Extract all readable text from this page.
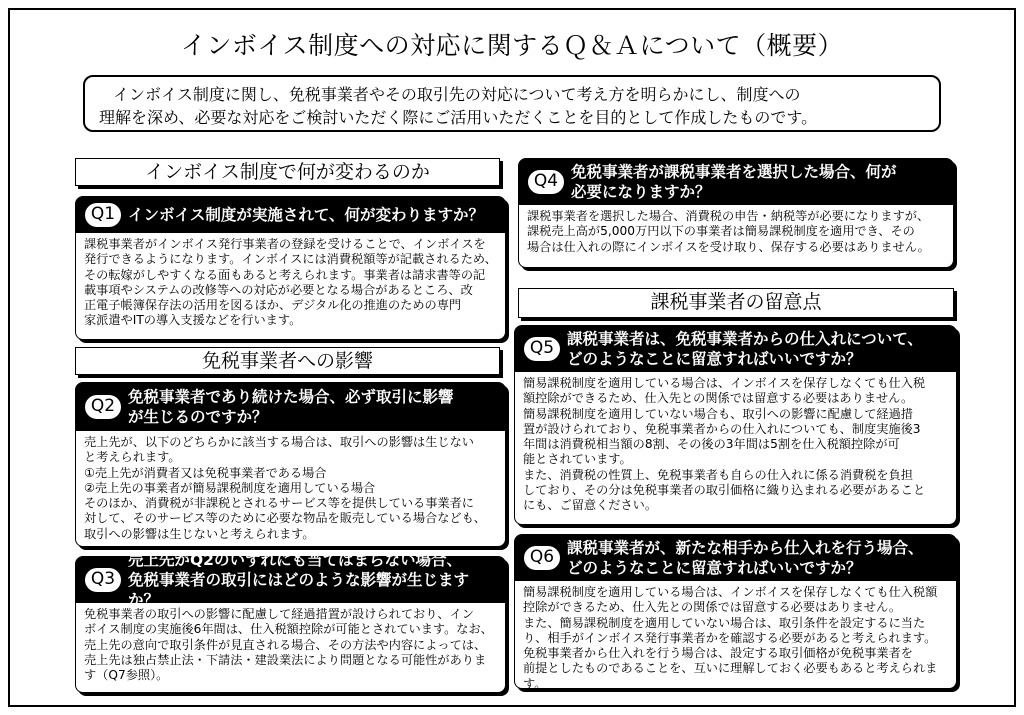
インボイス制度への対応に関するＱ＆Ａについて（概要）
インボイス制度に関し、免税事業者やその取引先の対応について考え方を明らかにし、制度への
理解を深め、必要な対応をご検討いただく際にご活用いただくことを目的として作成したものです。
インボイス制度で何が変わるのか
Q1 インボイス制度が実施されて、何が変わりますか？

課税事業者がインボイス発行事業者の登録を受けることで、インボイスを

発行できるようになります。インボイスには消費税額等が記載されるため、

その転嫁がしやすくなる面もあると考えられます。事業者は請求書等の記

載事項やシステムの改修等への対応が必要となる場合があるところ、改

正電子帳簿保存法の活用を図るほか、デジタル化の推進のための専門

家派遣やITの導入支援などを行います。

免税事業者への影響
Q2 免税事業者であり続けた場合、必ず取引に影響
が生じるのですか？

売上先が、以下のどちらかに該当する場合は、取引への影響は生じない

と考えられます。

①売上先が消費者又は免税事業者である場合

②売上先の事業者が簡易課税制度を適用している場合

そのほか、消費税が非課税とされるサービス等を提供している事業者に

対して、そのサービス等のために必要な物品を販売している場合なども、

取引への影響は生じないと考えられます。

Q3
売上先がQ2のいずれにも当てはまらない場合、
免税事業者の取引にはどのような影響が生じますか？

免税事業者の取引への影響に配慮して経過措置が設けられており、イン

ボイス制度の実施後6年間は、仕入税額控除が可能とされています。なお、

売上先の意向で取引条件が見直される場合、その方法や内容によっては、

売上先は独占禁止法・下請法・建設業法により問題となる可能性がありま

す（Q7参照）。

Q4 免税事業者が課税事業者を選択した場合、何が
必要になりますか？

課税事業者を選択した場合、消費税の申告・納税等が必要になりますが、

課税売上高が5,000万円以下の事業者は簡易課税制度を適用でき、その

場合は仕入れの際にインボイスを受け取り、保存する必要はありません。

課税事業者の留意点
Q5 課税事業者は、免税事業者からの仕入れについて、
どのようなことに留意すればいいですか？

簡易課税制度を適用している場合は、インボイスを保存しなくても仕入税

額控除ができるため、仕入先との関係では留意する必要はありません。

簡易課税制度を適用していない場合も、取引への影響に配慮して経過措

置が設けられており、免税事業者からの仕入れについても、制度実施後3

年間は消費税相当額の8割、その後の3年間は5割を仕入税額控除が可

能とされています。

また、消費税の性質上、免税事業者も自らの仕入れに係る消費税を負担

しており、その分は免税事業者の取引価格に織り込まれる必要があること

にも、ご留意ください。

Q6 課税事業者が、新たな相手から仕入れを行う場合、
どのようなことに留意すればいいですか？

簡易課税制度を適用している場合は、インボイスを保存しなくても仕入税額

控除ができるため、仕入先との関係では留意する必要はありません。

また、簡易課税制度を適用していない場合は、取引条件を設定するに当た

り、相手がインボイス発行事業者かを確認する必要があると考えられます。

免税事業者から仕入れを行う場合は、設定する取引価格が免税事業者を

前提としたものであることを、互いに理解しておく必要もあると考えられます。
